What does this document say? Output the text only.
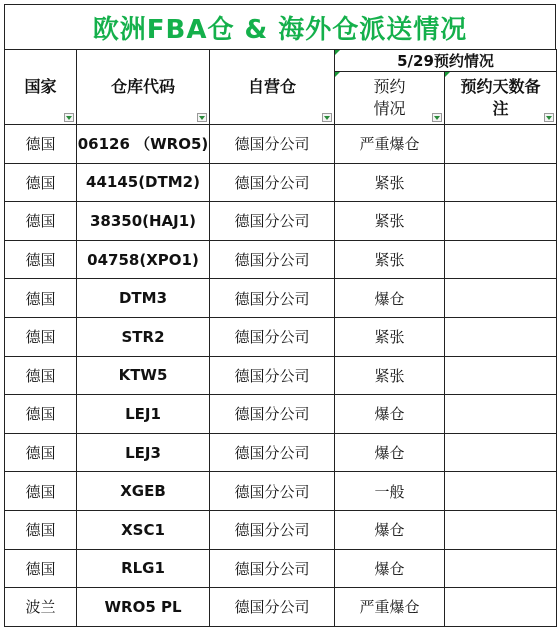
欧洲FBA仓 & 海外仓派送情况
国家	仓库代码	自营仓	5/29预约情况	

预约
情况	预约天数备
注

德国	06126 （WRO5)	德国分公司	严重爆仓	
德国	44145(DTM2)	德国分公司	紧张	
德国	38350(HAJ1)	德国分公司	紧张	
德国	04758(XPO1)	德国分公司	紧张	
德国	DTM3	德国分公司	爆仓	
德国	STR2	德国分公司	紧张	
德国	KTW5	德国分公司	紧张	
德国	LEJ1	德国分公司	爆仓	
德国	LEJ3	德国分公司	爆仓	
德国	XGEB	德国分公司	一般	
德国	XSC1	德国分公司	爆仓	
德国	RLG1	德国分公司	爆仓	
波兰	WRO5 PL	德国分公司	严重爆仓	
